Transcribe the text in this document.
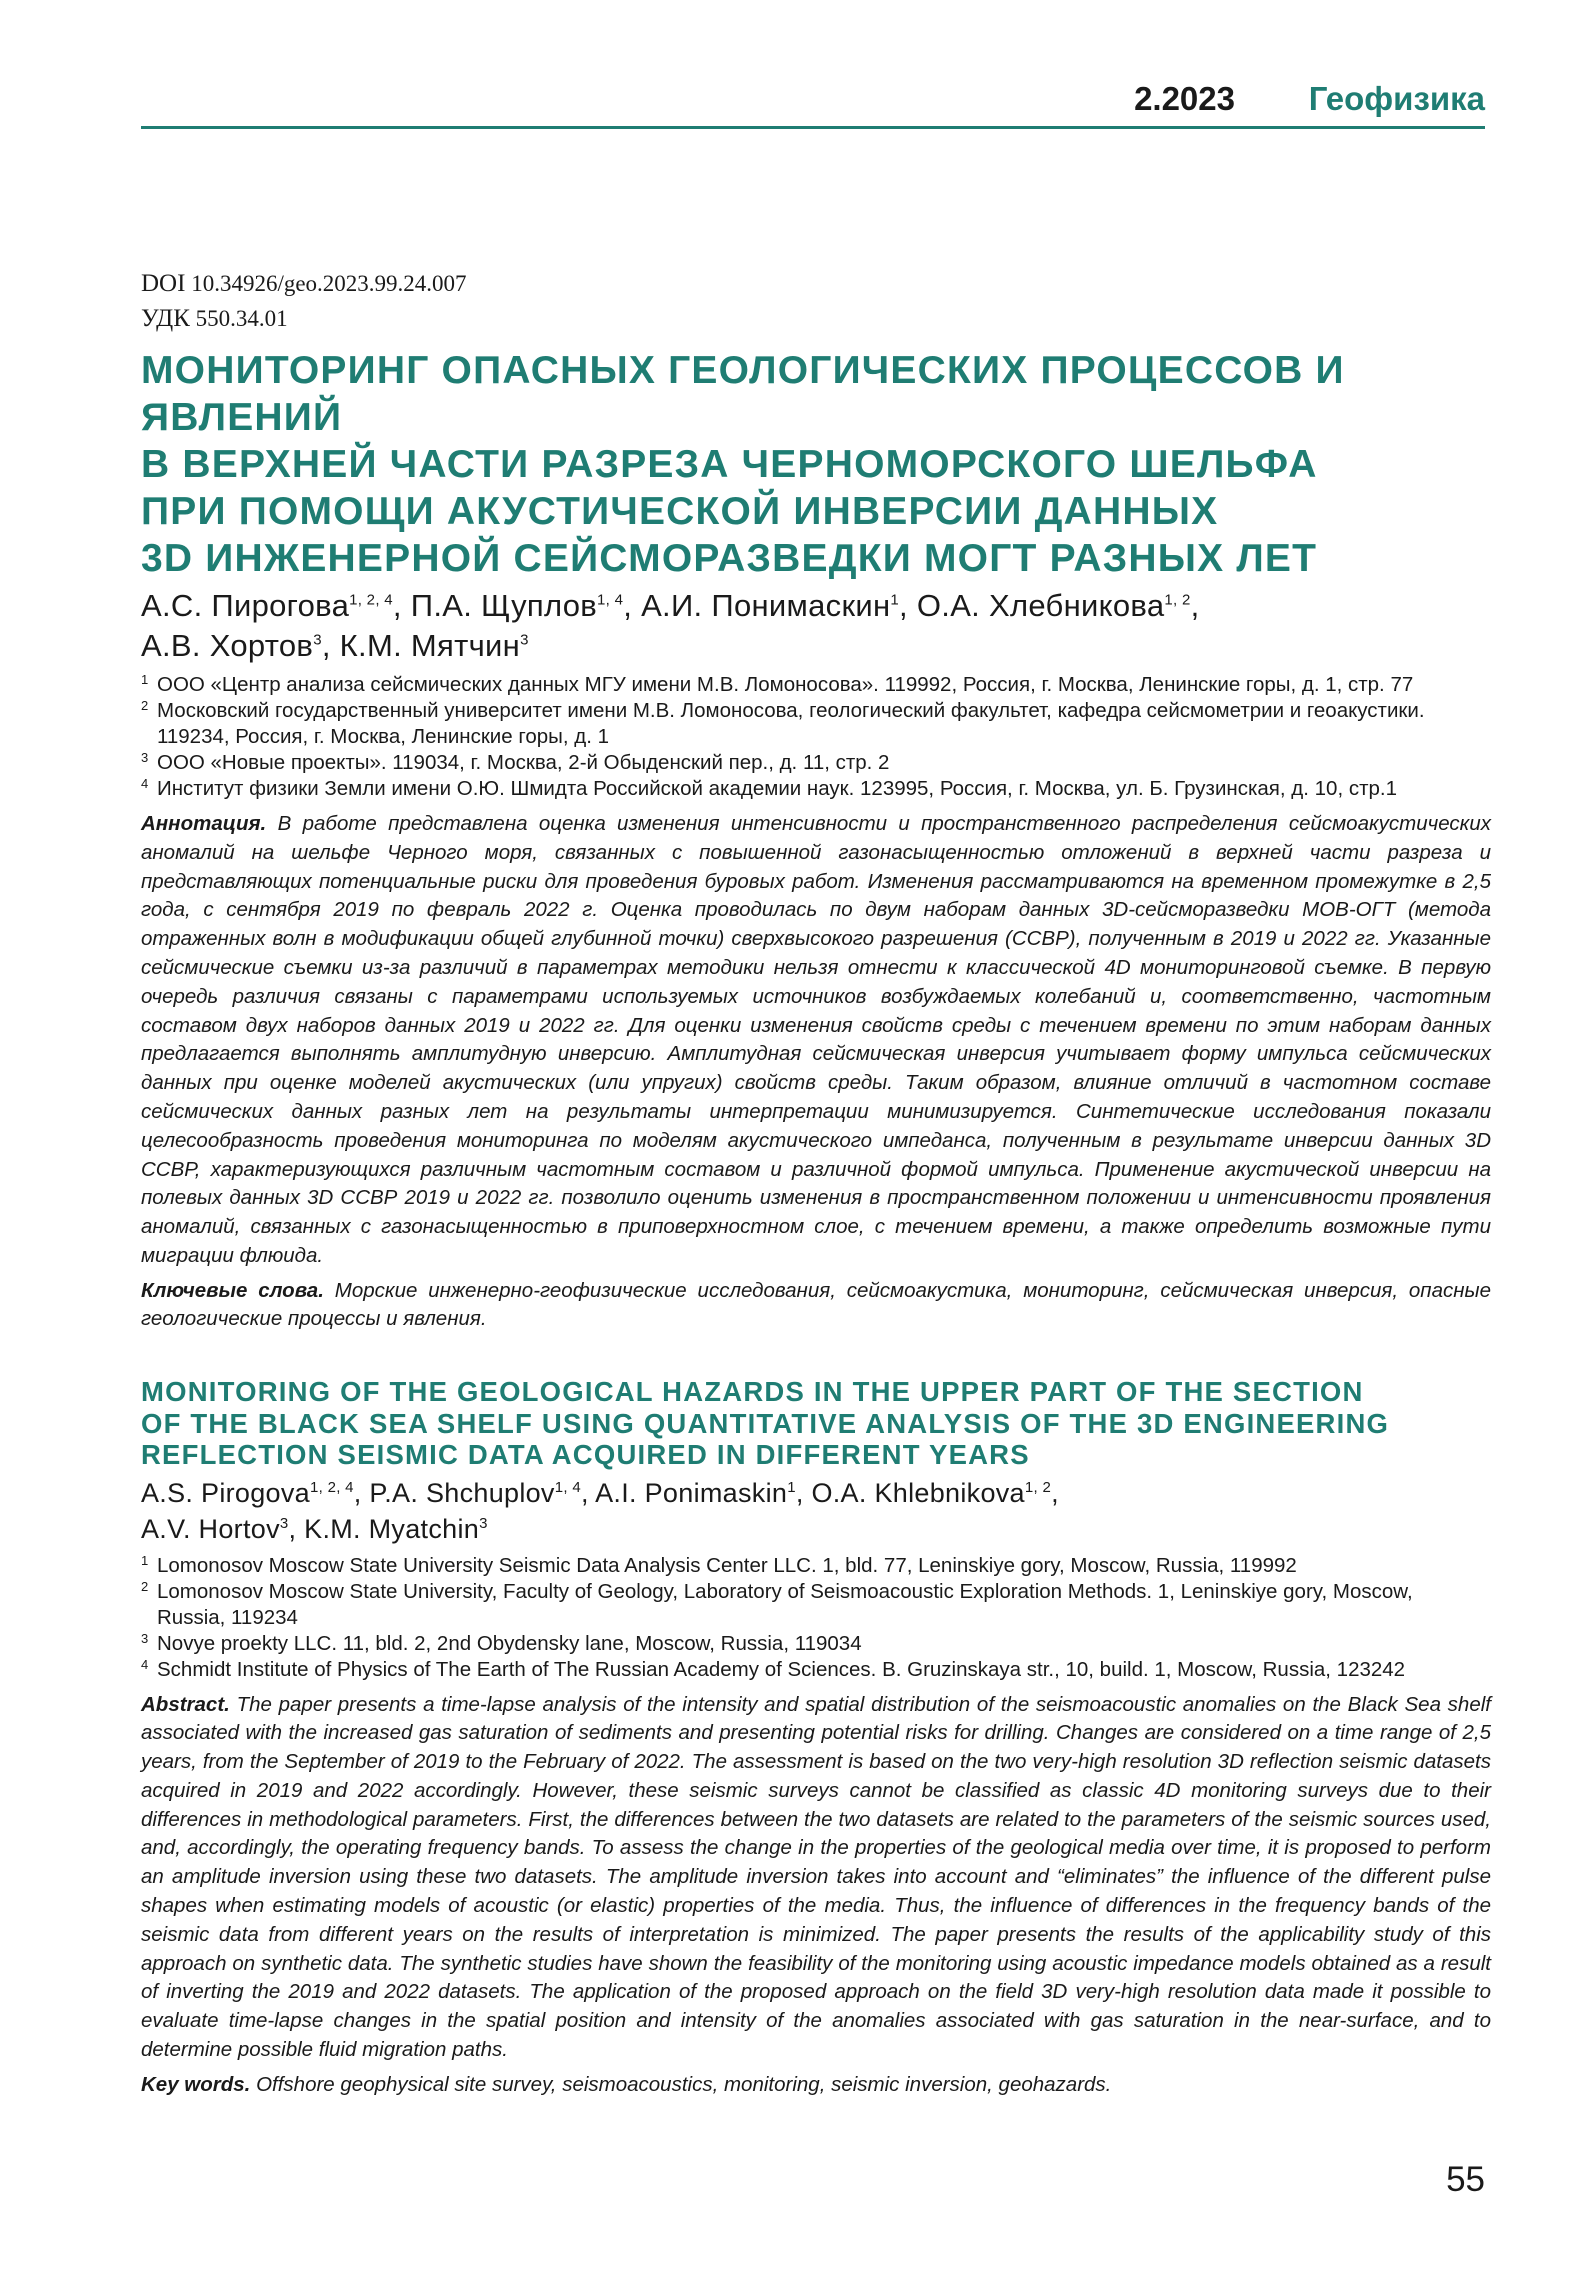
2.2023 Геофизика
DOI 10.34926/geo.2023.99.24.007
УДК 550.34.01
МОНИТОРИНГ ОПАСНЫХ ГЕОЛОГИЧЕСКИХ ПРОЦЕССОВ И ЯВЛЕНИЙ
В ВЕРХНЕЙ ЧАСТИ РАЗРЕЗА ЧЕРНОМОРСКОГО ШЕЛЬФА
ПРИ ПОМОЩИ АКУСТИЧЕСКОЙ ИНВЕРСИИ ДАННЫХ
3D ИНЖЕНЕРНОЙ СЕЙСМОРАЗВЕДКИ МОГТ РАЗНЫХ ЛЕТ
А.С. Пирогова$^{1, 2, 4}$, П.А. Щуплов$^{1, 4}$, А.И. Понимаскин$^1$, О.А. Хлебникова$^{1, 2}$,
А.В. Хортов$^3$, К.М. Мятчин$^3$
1 ООО «Центр анализа сейсмических данных МГУ имени М.В. Ломоносова». 119992, Россия, г. Москва, Ленинские горы, д. 1, стр. 77
2 Московский государственный университет имени М.В. Ломоносова, геологический факультет, кафедра сейсмометрии и геоакустики. 119234, Россия, г. Москва, Ленинские горы, д. 1
3 ООО «Новые проекты». 119034, г. Москва, 2-й Обыденский пер., д. 11, стр. 2
4 Институт физики Земли имени О.Ю. Шмидта Российской академии наук. 123995, Россия, г. Москва, ул. Б. Грузинская, д. 10, стр.1

Аннотация. В работе представлена оценка изменения интенсивности и пространственного распределения сейсмоакустических аномалий на шельфе Черного моря, связанных с повышенной газонасыщенностью отложений в верхней части разреза и представляющих потенциальные риски для проведения буровых работ. Изменения рассматриваются на временном промежутке в 2,5 года, с сентября 2019 по февраль 2022 г. Оценка проводилась по двум наборам данных 3D-сейсморазведки МОВ-ОГТ (метода отраженных волн в модификации общей глубинной точки) сверхвысокого разрешения (ССВР), полученным в 2019 и 2022 гг. Указанные сейсмические съемки из-за различий в параметрах методики нельзя отнести к классической 4D мониторинговой съемке. В первую очередь различия связаны с параметрами используемых источников возбуждаемых колебаний и, соответственно, частотным составом двух наборов данных 2019 и 2022 гг. Для оценки изменения свойств среды с течением времени по этим наборам данных предлагается выполнять амплитудную инверсию. Амплитудная сейсмическая инверсия учитывает форму импульса сейсмических данных при оценке моделей акустических (или упругих) свойств среды. Таким образом, влияние отличий в частотном составе сейсмических данных разных лет на результаты интерпретации минимизируется. Синтетические исследования показали целесообразность проведения мониторинга по моделям акустического импеданса, полученным в результате инверсии данных 3D ССВР, характеризующихся различным частотным составом и различной формой импульса. Применение акустической инверсии на полевых данных 3D ССВР 2019 и 2022 гг. позволило оценить изменения в пространственном положении и интенсивности проявления аномалий, связанных с газонасыщенностью в приповерхностном слое, с течением времени, а также определить возможные пути миграции флюида.

Ключевые слова. Морские инженерно-геофизические исследования, сейсмоакустика, мониторинг, сейсмическая инверсия, опасные геологические процессы и явления.

MONITORING OF THE GEOLOGICAL HAZARDS IN THE UPPER PART OF THE SECTION
OF THE BLACK SEA SHELF USING QUANTITATIVE ANALYSIS OF THE 3D ENGINEERING
REFLECTION SEISMIC DATA ACQUIRED IN DIFFERENT YEARS
A.S. Pirogova$^{1, 2, 4}$, P.A. Shchuplov$^{1, 4}$, A.I. Ponimaskin$^1$, O.A. Khlebnikova$^{1, 2}$,
A.V. Hortov$^3$, K.M. Myatchin$^3$
1 Lomonosov Moscow State University Seismic Data Analysis Center LLC. 1, bld. 77, Leninskiye gory, Moscow, Russia, 119992
2 Lomonosov Moscow State University, Faculty of Geology, Laboratory of Seismoacoustic Exploration Methods. 1, Leninskiye gory, Moscow, Russia, 119234
3 Novye proekty LLC. 11, bld. 2, 2nd Obydensky lane, Moscow, Russia, 119034
4 Schmidt Institute of Physics of The Earth of The Russian Academy of Sciences. B. Gruzinskaya str., 10, build. 1, Moscow, Russia, 123242

Abstract. The paper presents a time-lapse analysis of the intensity and spatial distribution of the seismoacoustic anomalies on the Black Sea shelf associated with the increased gas saturation of sediments and presenting potential risks for drilling. Changes are considered on a time range of 2,5 years, from the September of 2019 to the February of 2022. The assessment is based on the two very-high resolution 3D reflection seismic datasets acquired in 2019 and 2022 accordingly. However, these seismic surveys cannot be classified as classic 4D monitoring surveys due to their differences in methodological parameters. First, the differences between the two datasets are related to the parameters of the seismic sources used, and, accordingly, the operating frequency bands. To assess the change in the properties of the geological media over time, it is proposed to perform an amplitude inversion using these two datasets. The amplitude inversion takes into account and “eliminates” the influence of the different pulse shapes when estimating models of acoustic (or elastic) properties of the media. Thus, the influence of differences in the frequency bands of the seismic data from different years on the results of interpretation is minimized. The paper presents the results of the applicability study of this approach on synthetic data. The synthetic studies have shown the feasibility of the monitoring using acoustic impedance models obtained as a result of inverting the 2019 and 2022 datasets. The application of the proposed approach on the field 3D very-high resolution data made it possible to evaluate time-lapse changes in the spatial position and intensity of the anomalies associated with gas saturation in the near-surface, and to determine possible fluid migration paths.

Key words. Offshore geophysical site survey, seismoacoustics, monitoring, seismic inversion, geohazards.

55
